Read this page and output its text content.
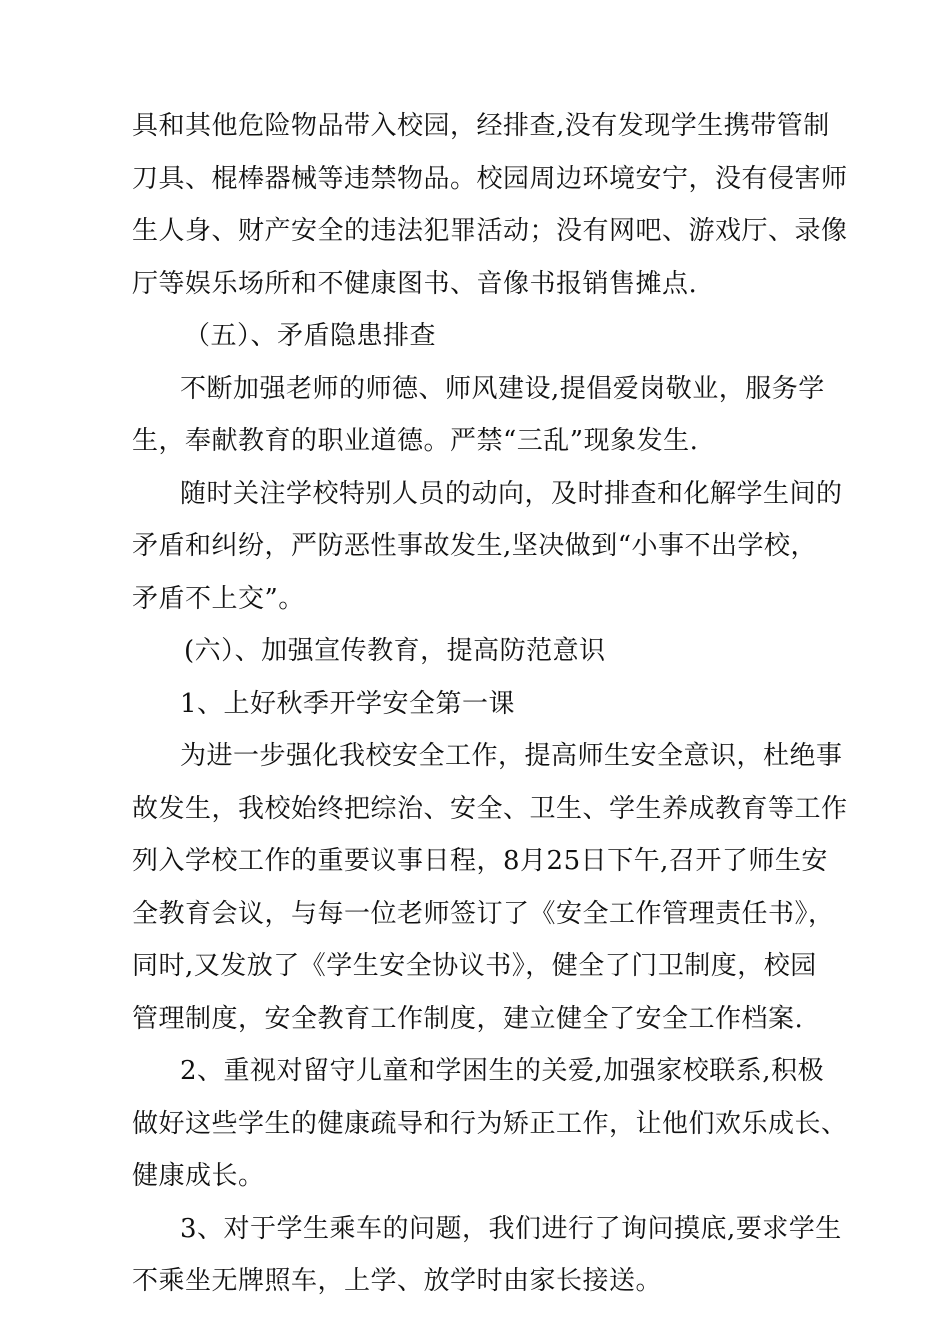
具和其他危险物品带入校园，经排查,没有发现学生携带管制
刀具、棍棒器械等违禁物品。校园周边环境安宁，没有侵害师
生人身、财产安全的违法犯罪活动；没有网吧、游戏厅、录像
厅等娱乐场所和不健康图书、音像书报销售摊点.
（五）、矛盾隐患排查
不断加强老师的师德、师风建设,提倡爱岗敬业，服务学
生，奉献教育的职业道德。严禁“三乱”现象发生.
随时关注学校特别人员的动向，及时排查和化解学生间的
矛盾和纠纷，严防恶性事故发生,坚决做到“小事不出学校，
矛盾不上交”。
(六）、加强宣传教育，提高防范意识
1、上好秋季开学安全第一课
为进一步强化我校安全工作，提高师生安全意识，杜绝事
故发生，我校始终把综治、安全、卫生、学生养成教育等工作
列入学校工作的重要议事日程，8月25日下午,召开了师生安
全教育会议，与每一位老师签订了《安全工作管理责任书》，
同时,又发放了《学生安全协议书》，健全了门卫制度，校园
管理制度，安全教育工作制度，建立健全了安全工作档案.
2、重视对留守儿童和学困生的关爱,加强家校联系,积极
做好这些学生的健康疏导和行为矫正工作，让他们欢乐成长、
健康成长。
3、对于学生乘车的问题，我们进行了询问摸底,要求学生
不乘坐无牌照车，上学、放学时由家长接送。
